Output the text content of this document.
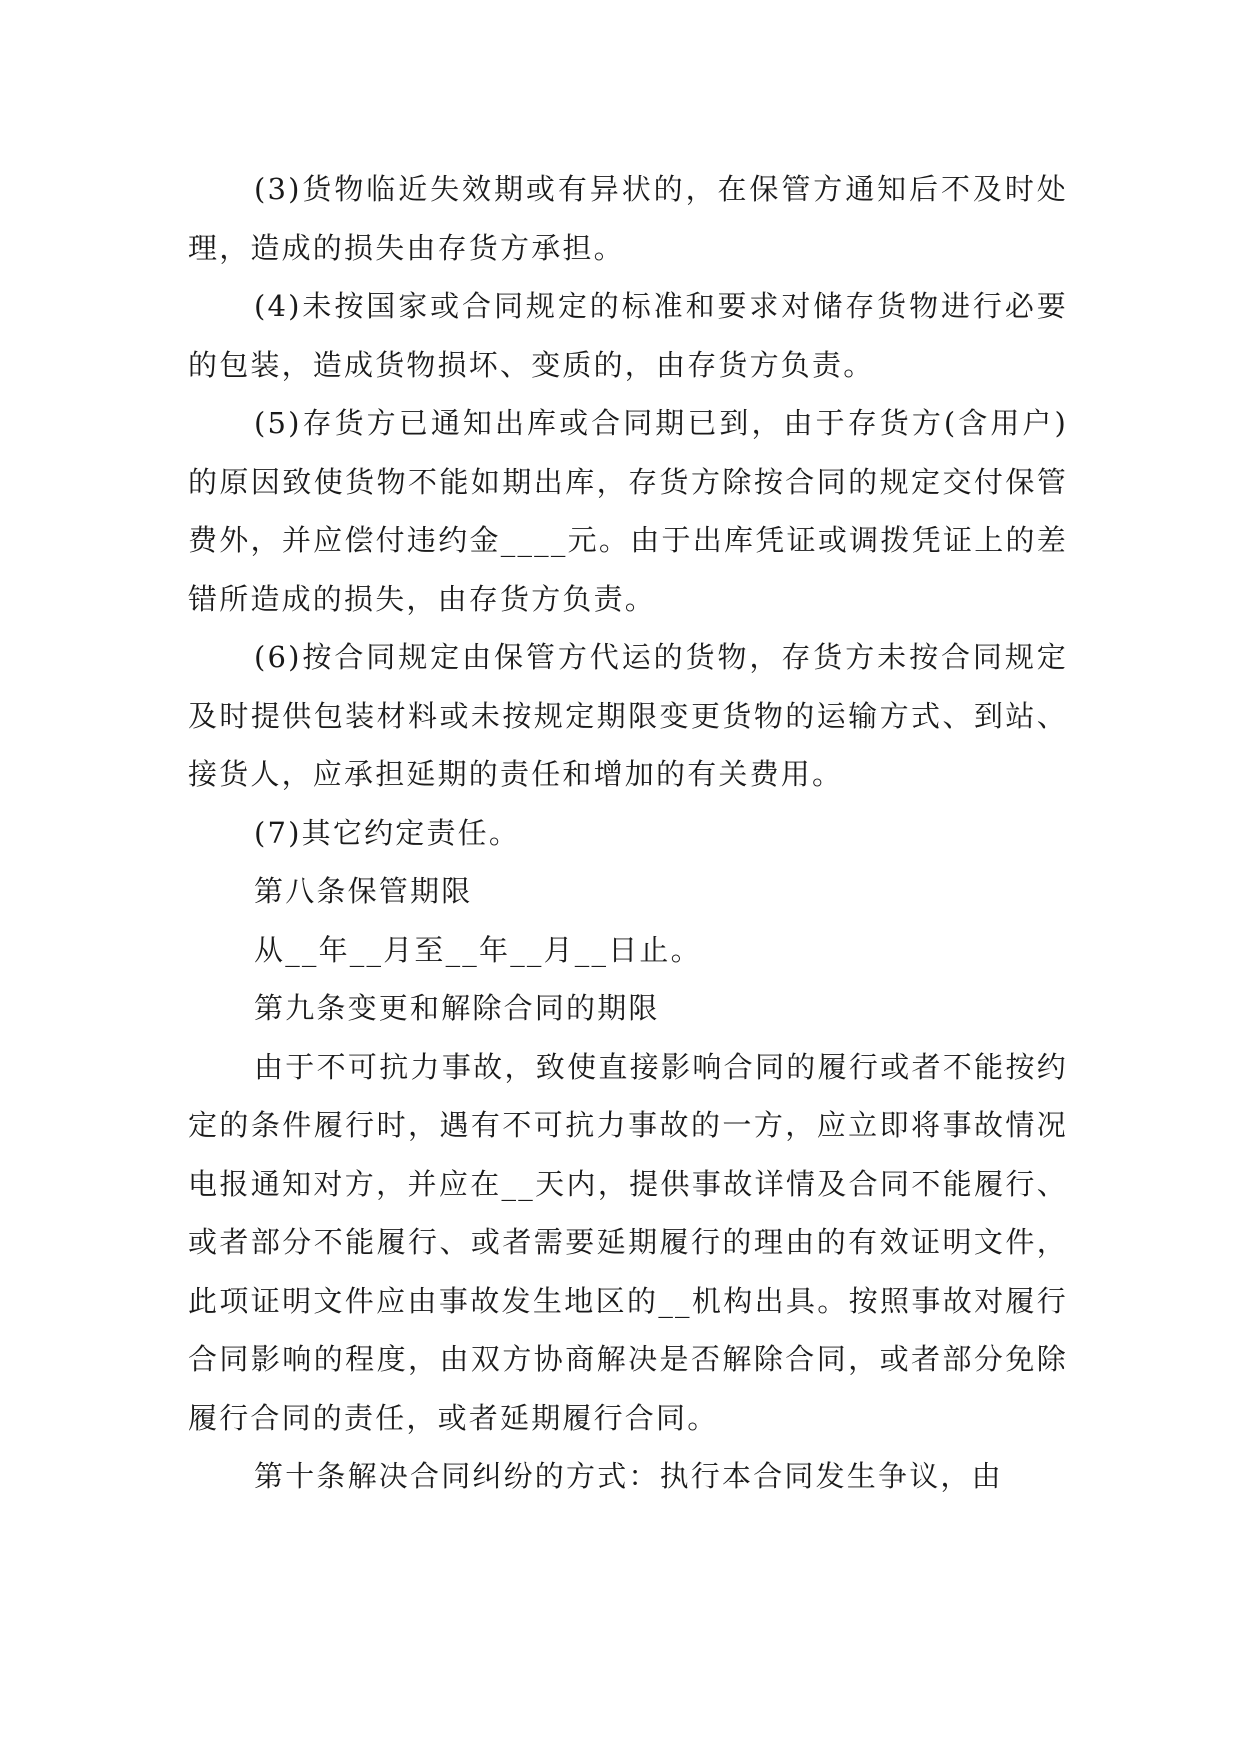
(3)货物临近失效期或有异状的，在保管方通知后不及时处理，造成的损失由存货方承担。

(4)未按国家或合同规定的标准和要求对储存货物进行必要的包装，造成货物损坏、变质的，由存货方负责。

(5)存货方已通知出库或合同期已到，由于存货方(含用户)的原因致使货物不能如期出库，存货方除按合同的规定交付保管费外，并应偿付违约金____元。由于出库凭证或调拨凭证上的差错所造成的损失，由存货方负责。

(6)按合同规定由保管方代运的货物，存货方未按合同规定及时提供包装材料或未按规定期限变更货物的运输方式、到站、接货人，应承担延期的责任和增加的有关费用。

(7)其它约定责任。

第八条保管期限

从__年__月至__年__月__日止。

第九条变更和解除合同的期限

由于不可抗力事故，致使直接影响合同的履行或者不能按约定的条件履行时，遇有不可抗力事故的一方，应立即将事故情况电报通知对方，并应在__天内，提供事故详情及合同不能履行、或者部分不能履行、或者需要延期履行的理由的有效证明文件，此项证明文件应由事故发生地区的__机构出具。按照事故对履行合同影响的程度，由双方协商解决是否解除合同，或者部分免除履行合同的责任，或者延期履行合同。

第十条解决合同纠纷的方式：执行本合同发生争议，由
